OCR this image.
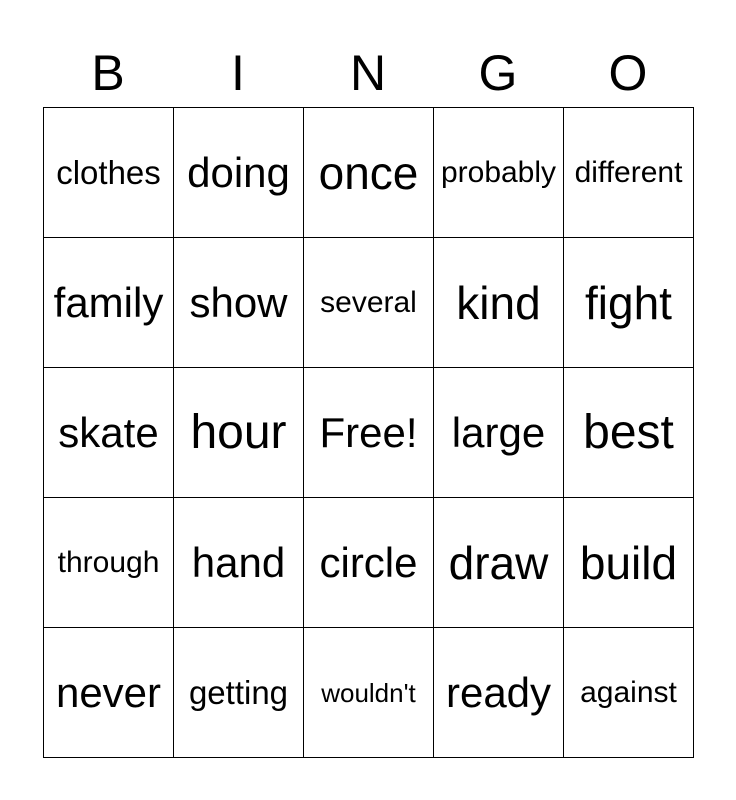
B	I	N	G	O
clothes doing once probably different
family show	several kind fight
skate hour Free! large best
through hand circle draw build
never getting	wouldn't ready against
